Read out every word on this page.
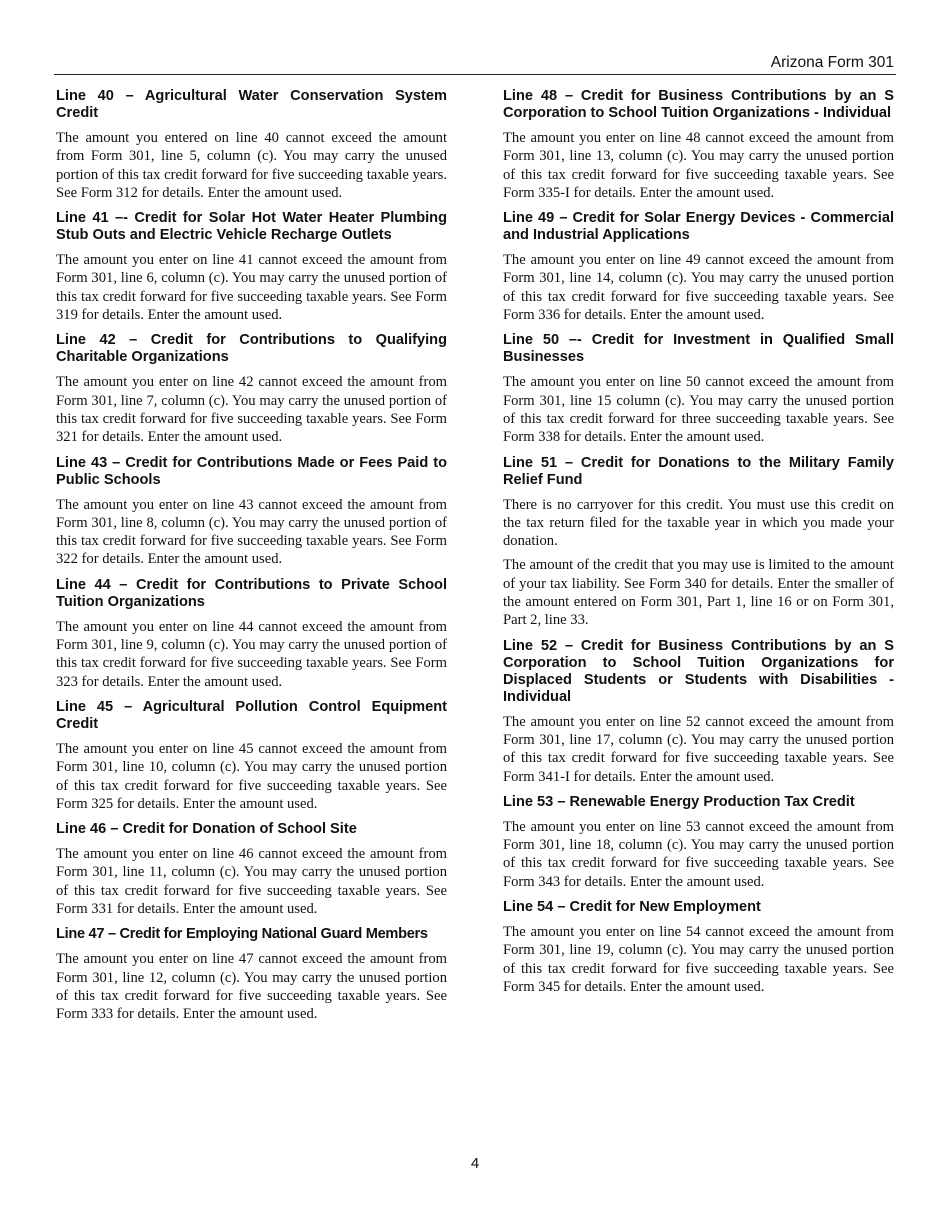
Arizona Form 301
Line 40 – Agricultural Water Conservation System Credit

The amount you entered on line 40 cannot exceed the amount from Form 301, line 5, column (c). You may carry the unused portion of this tax credit forward for five succeeding taxable years. See Form 312 for details. Enter the amount used.

Line 41 –- Credit for Solar Hot Water Heater Plumbing Stub Outs and Electric Vehicle Recharge Outlets

The amount you enter on line 41 cannot exceed the amount from Form 301, line 6, column (c). You may carry the unused portion of this tax credit forward for five succeeding taxable years. See Form 319 for details. Enter the amount used.

Line 42 – Credit for Contributions to Qualifying Charitable Organizations

The amount you enter on line 42 cannot exceed the amount from Form 301, line 7, column (c). You may carry the unused portion of this tax credit forward for five succeeding taxable years. See Form 321 for details. Enter the amount used.

Line 43 – Credit for Contributions Made or Fees Paid to Public Schools

The amount you enter on line 43 cannot exceed the amount from Form 301, line 8, column (c). You may carry the unused portion of this tax credit forward for five succeeding taxable years. See Form 322 for details. Enter the amount used.

Line 44 – Credit for Contributions to Private School Tuition Organizations

The amount you enter on line 44 cannot exceed the amount from Form 301, line 9, column (c). You may carry the unused portion of this tax credit forward for five succeeding taxable years. See Form 323 for details. Enter the amount used.

Line 45 – Agricultural Pollution Control Equipment Credit

The amount you enter on line 45 cannot exceed the amount from Form 301, line 10, column (c). You may carry the unused portion of this tax credit forward for five succeeding taxable years. See Form 325 for details. Enter the amount used.

Line 46 – Credit for Donation of School Site

The amount you enter on line 46 cannot exceed the amount from Form 301, line 11, column (c). You may carry the unused portion of this tax credit forward for five succeeding taxable years. See Form 331 for details. Enter the amount used.

Line 47 – Credit for Employing National Guard Members

The amount you enter on line 47 cannot exceed the amount from Form 301, line 12, column (c). You may carry the unused portion of this tax credit forward for five succeeding taxable years. See Form 333 for details. Enter the amount used.

Line 48 – Credit for Business Contributions by an S Corporation to School Tuition Organizations - Individual

The amount you enter on line 48 cannot exceed the amount from Form 301, line 13, column (c). You may carry the unused portion of this tax credit forward for five succeeding taxable years. See Form 335-I for details. Enter the amount used.

Line 49 – Credit for Solar Energy Devices - Commercial and Industrial Applications

The amount you enter on line 49 cannot exceed the amount from Form 301, line 14, column (c). You may carry the unused portion of this tax credit forward for five succeeding taxable years. See Form 336 for details. Enter the amount used.

Line 50 –- Credit for Investment in Qualified Small Businesses

The amount you enter on line 50 cannot exceed the amount from Form 301, line 15 column (c). You may carry the unused portion of this tax credit forward for three succeeding taxable years. See Form 338 for details. Enter the amount used.

Line 51 – Credit for Donations to the Military Family Relief Fund

There is no carryover for this credit. You must use this credit on the tax return filed for the taxable year in which you made your donation.

The amount of the credit that you may use is limited to the amount of your tax liability. See Form 340 for details. Enter the smaller of the amount entered on Form 301, Part 1, line 16 or on Form 301, Part 2, line 33.

Line 52 – Credit for Business Contributions by an S Corporation to School Tuition Organizations for Displaced Students or Students with Disabilities - Individual

The amount you enter on line 52 cannot exceed the amount from Form 301, line 17, column (c). You may carry the unused portion of this tax credit forward for five succeeding taxable years. See Form 341-I for details. Enter the amount used.

Line 53 – Renewable Energy Production Tax Credit

The amount you enter on line 53 cannot exceed the amount from Form 301, line 18, column (c). You may carry the unused portion of this tax credit forward for five succeeding taxable years. See Form 343 for details. Enter the amount used.

Line 54 – Credit for New Employment

The amount you enter on line 54 cannot exceed the amount from Form 301, line 19, column (c). You may carry the unused portion of this tax credit forward for five succeeding taxable years. See Form 345 for details. Enter the amount used.

4
